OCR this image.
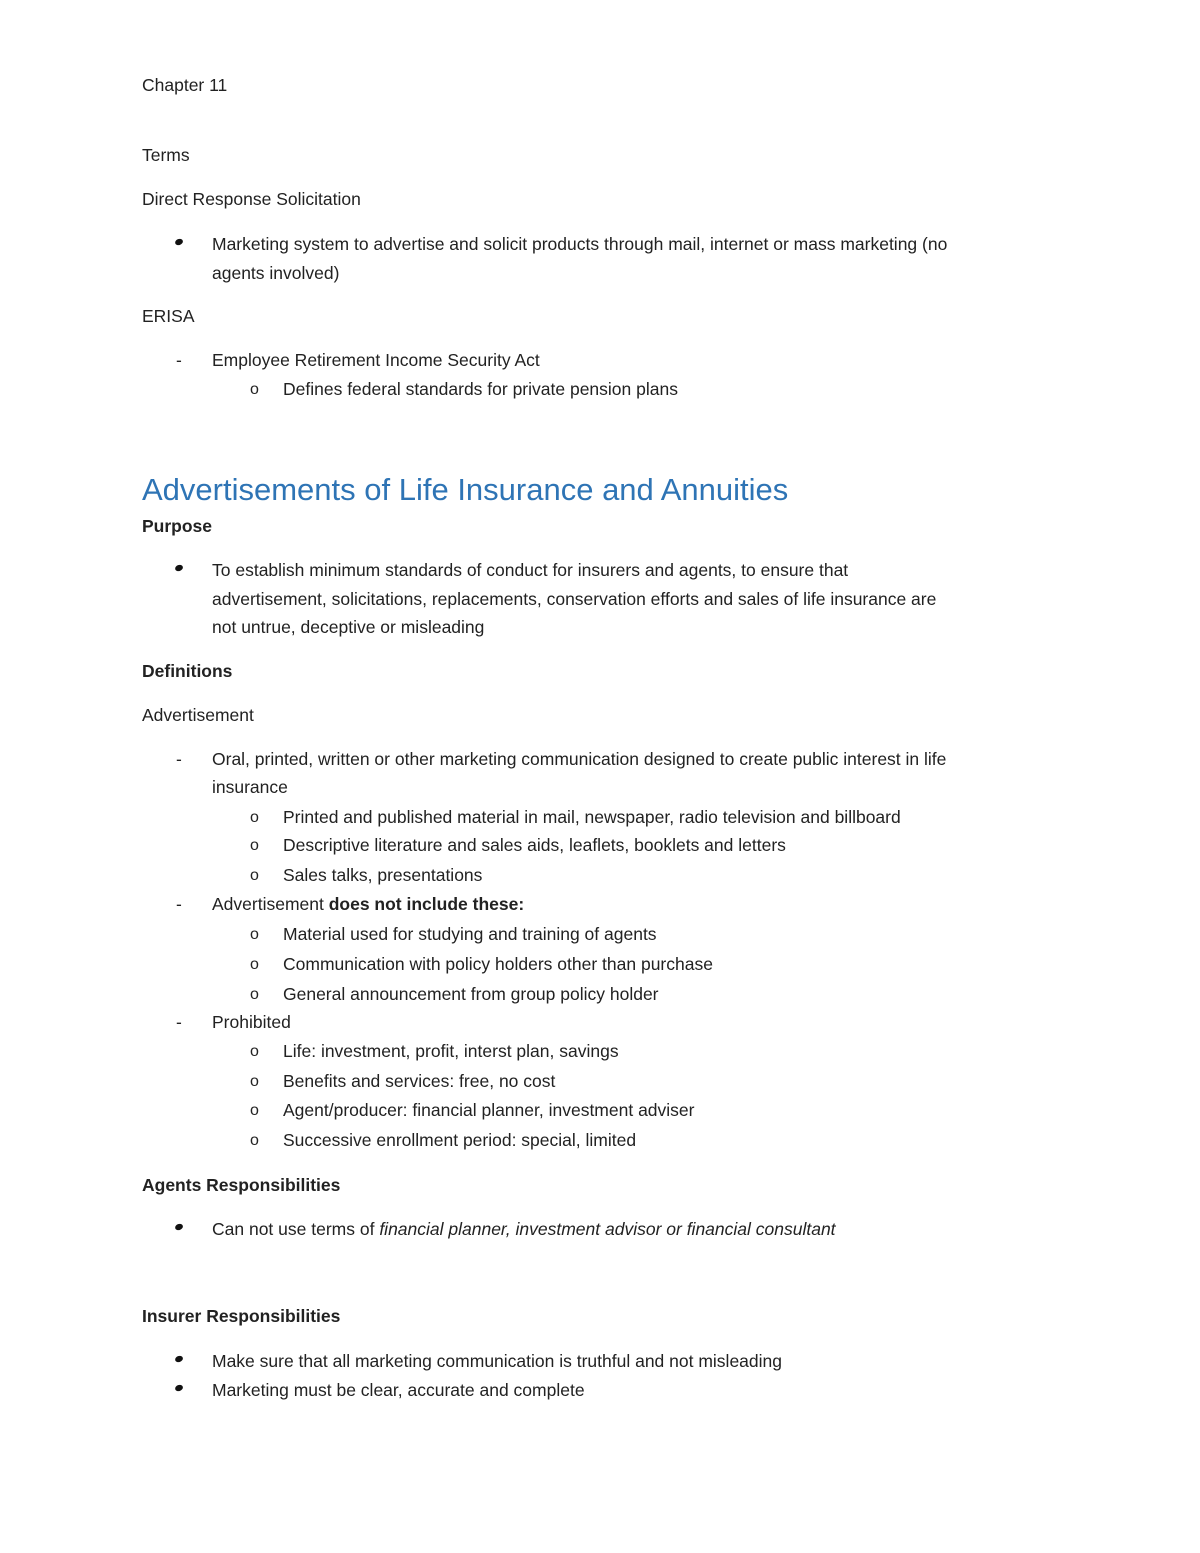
Chapter 11
Terms
Direct Response Solicitation
Marketing system to advertise and solicit products through mail, internet or mass marketing (no
agents involved)
ERISA
- Employee Retirement Income Security Act
o Defines federal standards for private pension plans
Advertisements of Life Insurance and Annuities
Purpose
To establish minimum standards of conduct for insurers and agents, to ensure that
advertisement, solicitations, replacements, conservation efforts and sales of life insurance are
not untrue, deceptive or misleading
Definitions
Advertisement
- Oral, printed, written or other marketing communication designed to create public interest in life
insurance
o Printed and published material in mail, newspaper, radio television and billboard
o Descriptive literature and sales aids, leaflets, booklets and letters
o Sales talks, presentations
- Advertisement does not include these:
o Material used for studying and training of agents
o Communication with policy holders other than purchase
o General announcement from group policy holder
- Prohibited
o Life: investment, profit, interst plan, savings
o Benefits and services: free, no cost
o Agent/producer: financial planner, investment adviser
o Successive enrollment period: special, limited
Agents Responsibilities
Can not use terms of financial planner, investment advisor or financial consultant
Insurer Responsibilities
Make sure that all marketing communication is truthful and not misleading
Marketing must be clear, accurate and complete
